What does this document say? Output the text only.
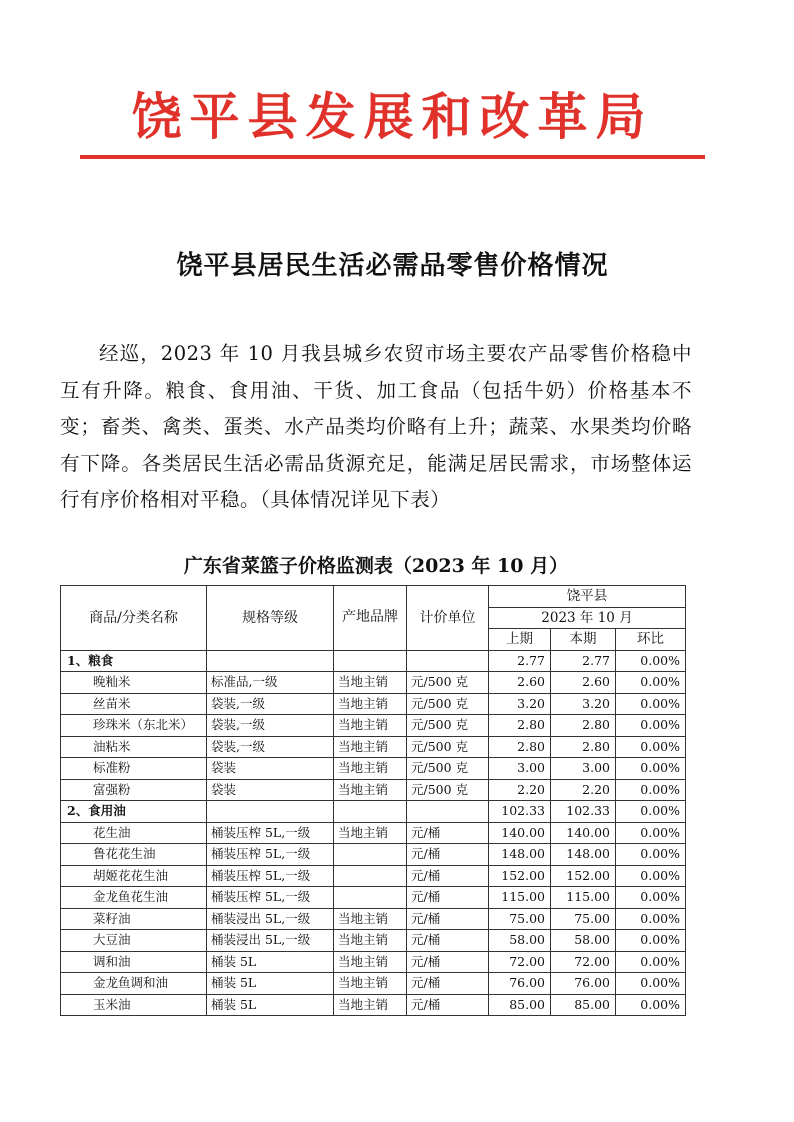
饶平县发展和改革局
饶平县居民生活必需品零售价格情况

经巡，2023 年 10 月我县城乡农贸市场主要农产品零售价格稳中互有升降。粮食、食用油、干货、加工食品（包括牛奶）价格基本不变；畜类、禽类、蛋类、水产品类均价略有上升；蔬菜、水果类均价略有下降。各类居民生活必需品货源充足，能满足居民需求，市场整体运行有序价格相对平稳。（具体情况详见下表）

广东省菜篮子价格监测表（2023 年 10 月）
商品/分类名称	规格等级	产地品牌	计价单位	饶平县		
				2023 年 10 月		
				上期	本期	环比
1、粮食				2.77	2.77	0.00%
晚籼米	标准品,一级	当地主销	元/500 克	2.60	2.60	0.00%
丝苗米	袋装,一级	当地主销	元/500 克	3.20	3.20	0.00%
珍珠米（东北米）	袋装,一级	当地主销	元/500 克	2.80	2.80	0.00%
油粘米	袋装,一级	当地主销	元/500 克	2.80	2.80	0.00%
标准粉	袋装	当地主销	元/500 克	3.00	3.00	0.00%
富强粉	袋装	当地主销	元/500 克	2.20	2.20	0.00%
2、食用油				102.33	102.33	0.00%
花生油	桶装压榨 5L,一级	当地主销	元/桶	140.00	140.00	0.00%
鲁花花生油	桶装压榨 5L,一级		元/桶	148.00	148.00	0.00%
胡姬花花生油	桶装压榨 5L,一级		元/桶	152.00	152.00	0.00%
金龙鱼花生油	桶装压榨 5L,一级		元/桶	115.00	115.00	0.00%
菜籽油	桶装浸出 5L,一级	当地主销	元/桶	75.00	75.00	0.00%
大豆油	桶装浸出 5L,一级	当地主销	元/桶	58.00	58.00	0.00%
调和油	桶装 5L	当地主销	元/桶	72.00	72.00	0.00%
金龙鱼调和油	桶装 5L	当地主销	元/桶	76.00	76.00	0.00%
玉米油	桶装 5L	当地主销	元/桶	85.00	85.00	0.00%
